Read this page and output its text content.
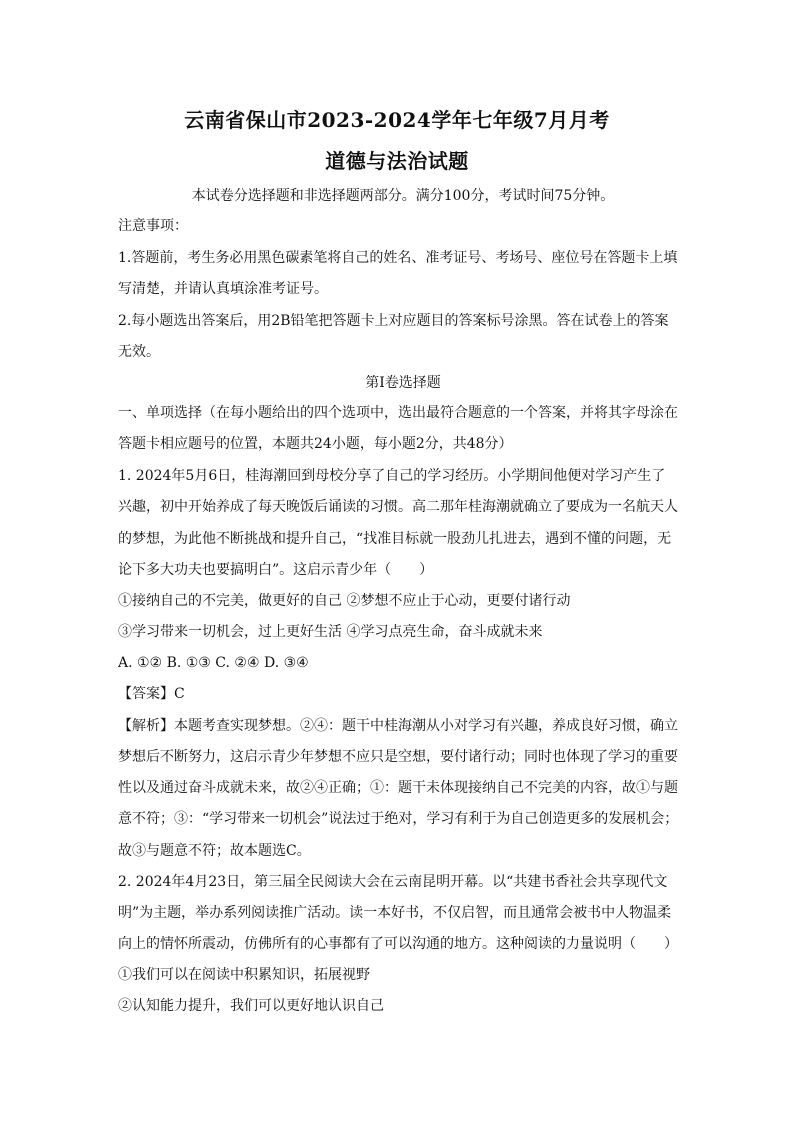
云南省保山市2023-2024学年七年级7月月考
道德与法治试题
本试卷分选择题和非选择题两部分。满分100分，考试时间75分钟。
注意事项：
1.答题前，考生务必用黑色碳素笔将自己的姓名、准考证号、考场号、座位号在答题卡上填
写清楚，并请认真填涂准考证号。
2.每小题选出答案后，用2B铅笔把答题卡上对应题目的答案标号涂黑。答在试卷上的答案
无效。
第Ⅰ卷选择题
一、单项选择（在每小题给出的四个选项中，选出最符合题意的一个答案，并将其字母涂在
答题卡相应题号的位置，本题共24小题，每小题2分，共48分）
1. 2024年5月6日，桂海潮回到母校分享了自己的学习经历。小学期间他便对学习产生了
兴趣，初中开始养成了每天晚饭后诵读的习惯。高二那年桂海潮就确立了要成为一名航天人
的梦想，为此他不断挑战和提升自己，“找准目标就一股劲儿扎进去，遇到不懂的问题，无
论下多大功夫也要搞明白”。这启示青少年（　　）
①接纳自己的不完美，做更好的自己 ②梦想不应止于心动，更要付诸行动
③学习带来一切机会，过上更好生活 ④学习点亮生命，奋斗成就未来
A. ①② B. ①③ C. ②④ D. ③④
【答案】C
【解析】本题考查实现梦想。②④：题干中桂海潮从小对学习有兴趣，养成良好习惯，确立
梦想后不断努力，这启示青少年梦想不应只是空想，要付诸行动；同时也体现了学习的重要
性以及通过奋斗成就未来，故②④正确；①：题干未体现接纳自己不完美的内容，故①与题
意不符；③：“学习带来一切机会”说法过于绝对，学习有利于为自己创造更多的发展机会；
故③与题意不符；故本题选C。
2. 2024年4月23日，第三届全民阅读大会在云南昆明开幕。以“共建书香社会共享现代文
明”为主题，举办系列阅读推广活动。读一本好书，不仅启智，而且通常会被书中人物温柔
向上的情怀所震动，仿佛所有的心事都有了可以沟通的地方。这种阅读的力量说明（　　）
①我们可以在阅读中积累知识，拓展视野
②认知能力提升，我们可以更好地认识自己
